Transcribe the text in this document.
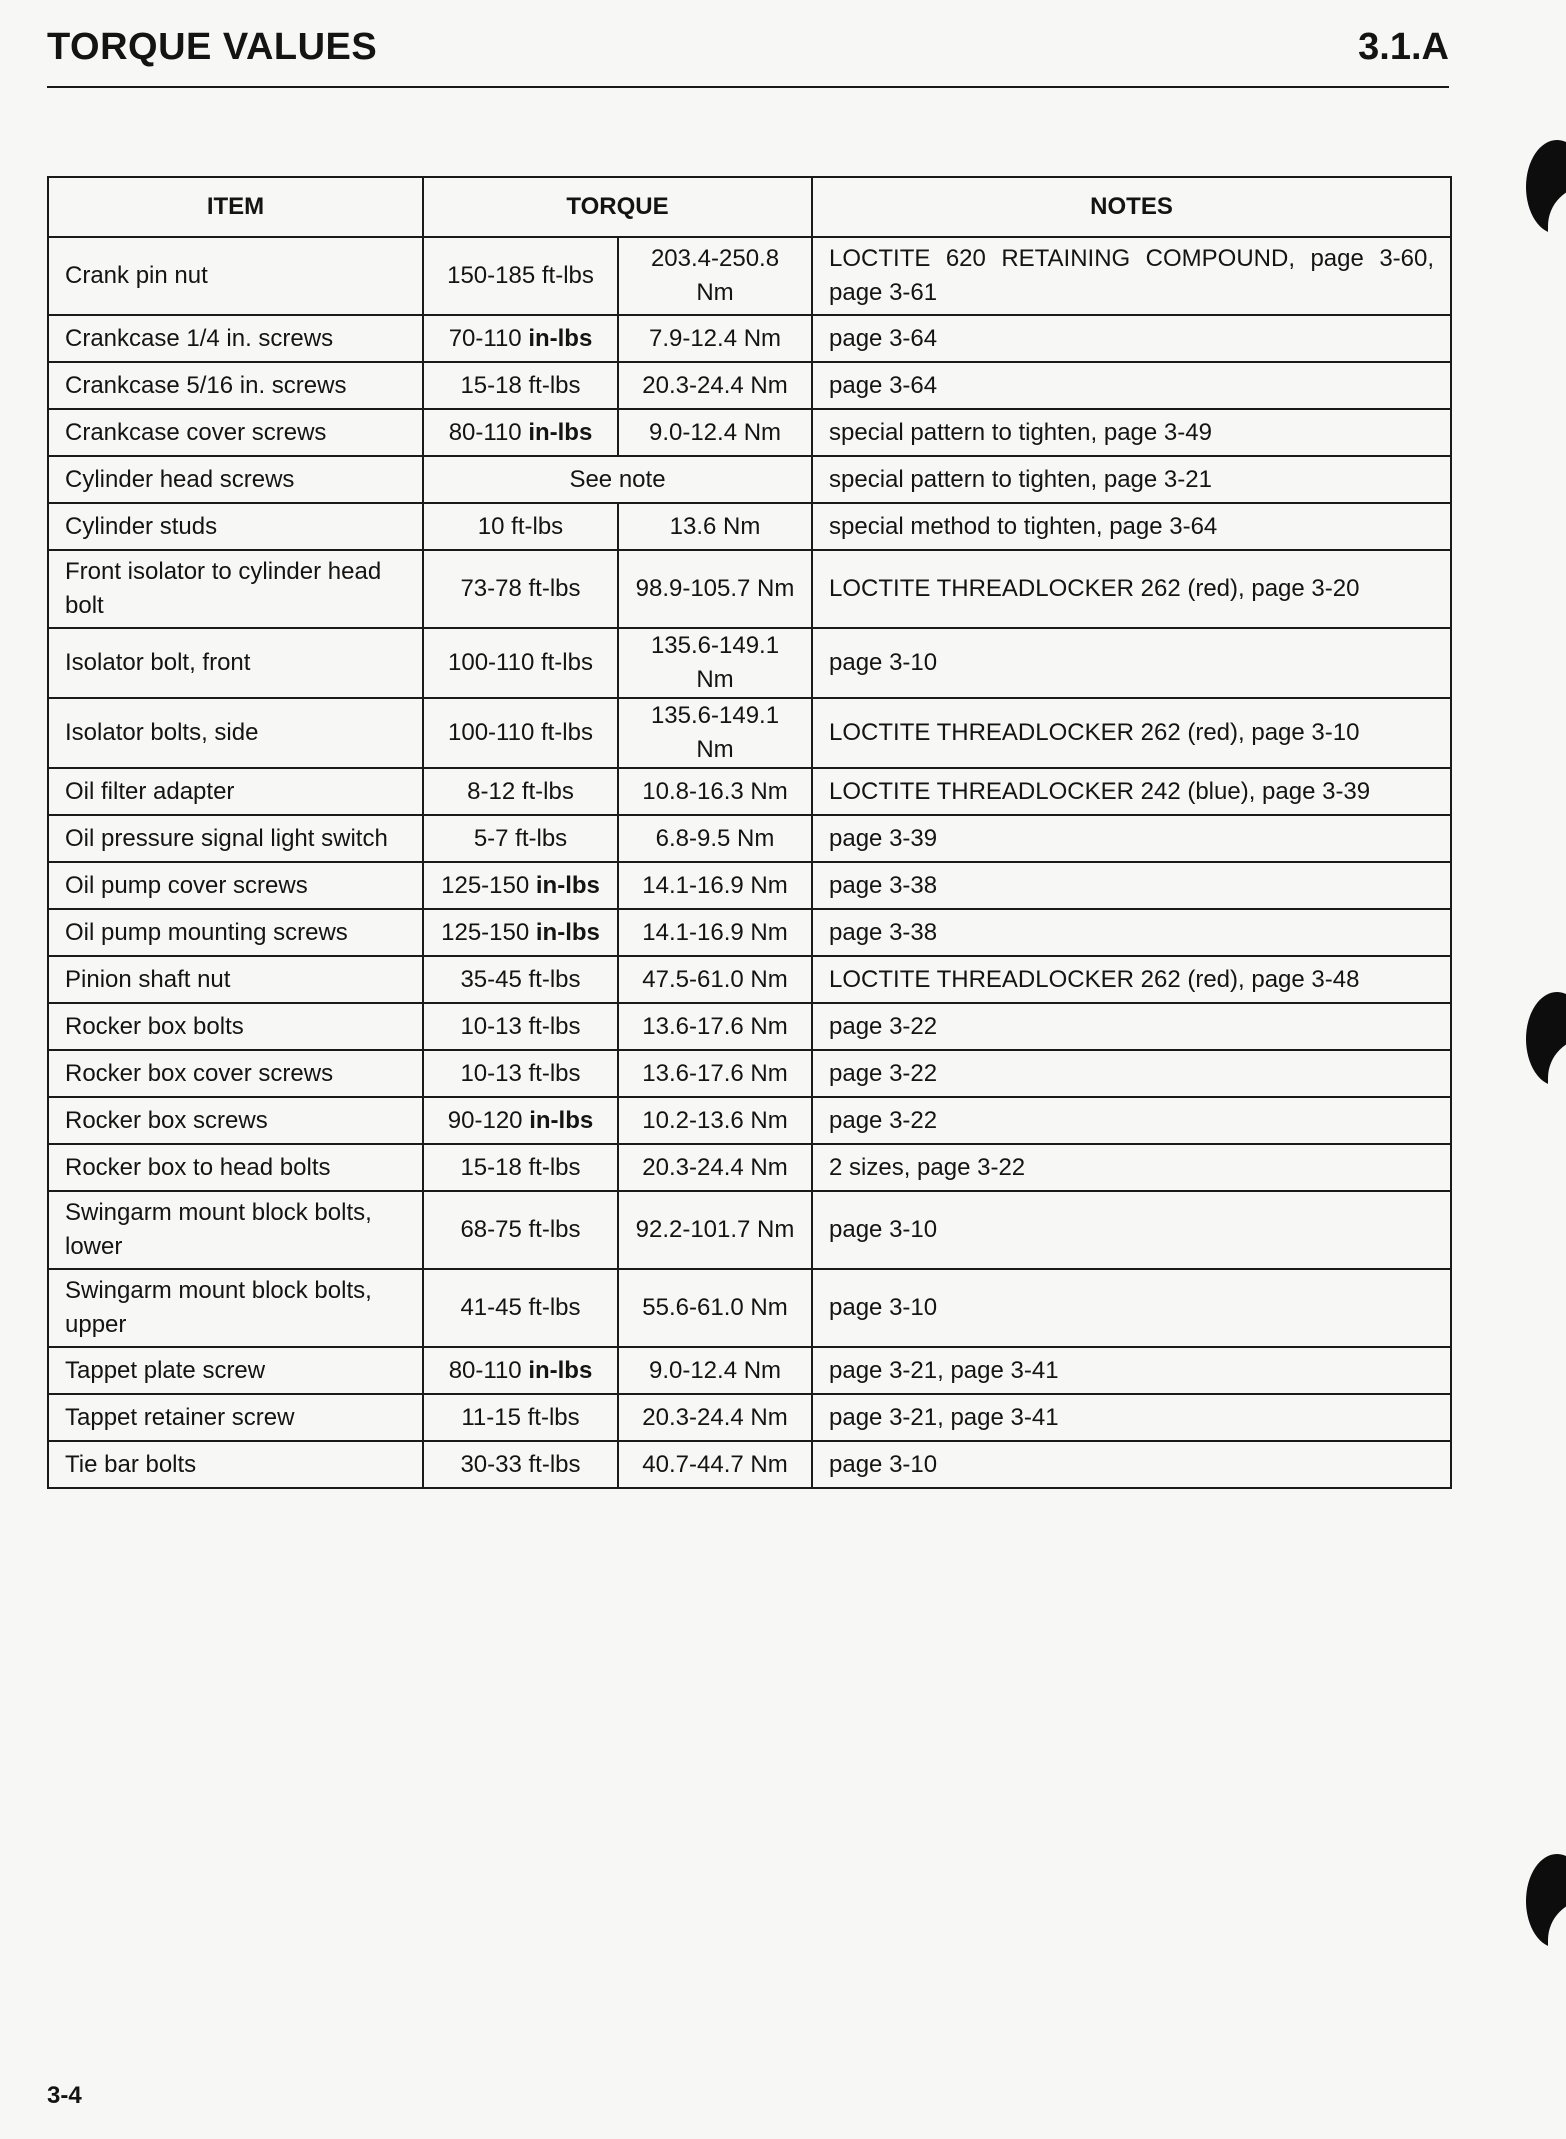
TORQUE VALUES	3.1.A
ITEM	TORQUE		NOTES
Crank pin nut	150-185 ft-lbs	203.4-250.8 Nm	LOCTITE 620 RETAINING COMPOUND, page 3-60, page 3-61
Crankcase 1/4 in. screws	70-110 in-lbs	7.9-12.4 Nm	page 3-64
Crankcase 5/16 in. screws	15-18 ft-lbs	20.3-24.4 Nm	page 3-64
Crankcase cover screws	80-110 in-lbs	9.0-12.4 Nm	special pattern to tighten, page 3-49
Cylinder head screws	See note		special pattern to tighten, page 3-21
Cylinder studs	10 ft-lbs	13.6 Nm	special method to tighten, page 3-64
Front isolator to cylinder head bolt	73-78 ft-lbs	98.9-105.7 Nm	LOCTITE THREADLOCKER 262 (red), page 3-20
Isolator bolt, front	100-110 ft-lbs	135.6-149.1 Nm	page 3-10
Isolator bolts, side	100-110 ft-lbs	135.6-149.1 Nm	LOCTITE THREADLOCKER 262 (red), page 3-10
Oil filter adapter	8-12 ft-lbs	10.8-16.3 Nm	LOCTITE THREADLOCKER 242 (blue), page 3-39
Oil pressure signal light switch	5-7 ft-lbs	6.8-9.5 Nm	page 3-39
Oil pump cover screws	125-150 in-lbs	14.1-16.9 Nm	page 3-38
Oil pump mounting screws	125-150 in-lbs	14.1-16.9 Nm	page 3-38
Pinion shaft nut	35-45 ft-lbs	47.5-61.0 Nm	LOCTITE THREADLOCKER 262 (red), page 3-48
Rocker box bolts	10-13 ft-lbs	13.6-17.6 Nm	page 3-22
Rocker box cover screws	10-13 ft-lbs	13.6-17.6 Nm	page 3-22
Rocker box screws	90-120 in-lbs	10.2-13.6 Nm	page 3-22
Rocker box to head bolts	15-18 ft-lbs	20.3-24.4 Nm	2 sizes, page 3-22
Swingarm mount block bolts, lower	68-75 ft-lbs	92.2-101.7 Nm	page 3-10
Swingarm mount block bolts, upper	41-45 ft-lbs	55.6-61.0 Nm	page 3-10
Tappet plate screw	80-110 in-lbs	9.0-12.4 Nm	page 3-21, page 3-41
Tappet retainer screw	11-15 ft-lbs	20.3-24.4 Nm	page 3-21, page 3-41
Tie bar bolts	30-33 ft-lbs	40.7-44.7 Nm	page 3-10
3-4
